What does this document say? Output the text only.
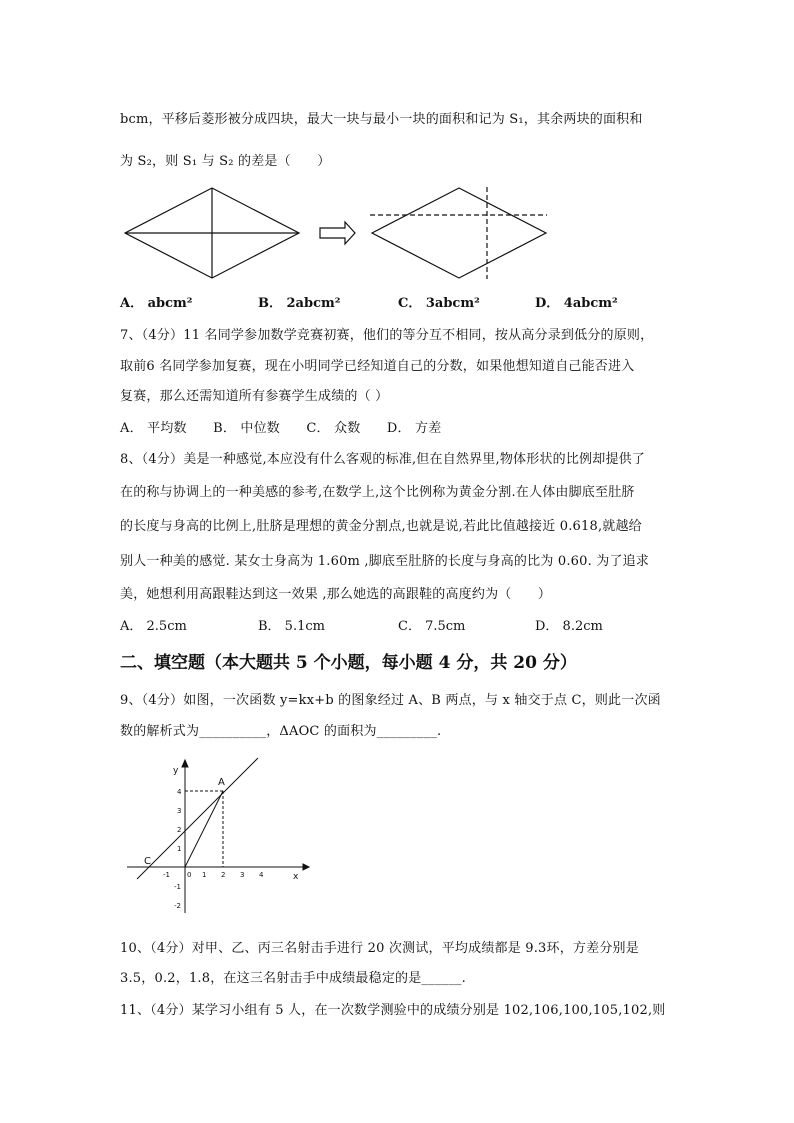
bcm，平移后菱形被分成四块，最大一块与最小一块的面积和记为 S₁，其余两块的面积和
为 S₂，则 S₁ 与 S₂ 的差是（　　）
A． abcm²	B． 2abcm²	C． 3abcm²	D． 4abcm²
7、（4分）11 名同学参加数学竞赛初赛，他们的等分互不相同，按从高分录到低分的原则，
取前6 名同学参加复赛，现在小明同学已经知道自己的分数，如果他想知道自己能否进入
复赛，那么还需知道所有参赛学生成绩的（ ）
A． 平均数　　B． 中位数　　C． 众数　　D． 方差
8、（4分）美是一种感觉,本应没有什么客观的标准,但在自然界里,物体形状的比例却提供了
在的称与协调上的一种美感的参考,在数学上,这个比例称为黄金分割.在人体由脚底至肚脐
的长度与身高的比例上,肚脐是理想的黄金分割点,也就是说,若此比值越接近 0.618,就越给
别人一种美的感觉. 某女士身高为 1.60m ,脚底至肚脐的长度与身高的比为 0.60. 为了追求
美，她想利用高跟鞋达到这一效果 ,那么她选的高跟鞋的高度约为（　　）
A． 2.5cm	B． 5.1cm	C． 7.5cm	D． 8.2cm
二、填空题（本大题共 5 个小题，每小题 4 分，共 20 分）
9、（4分）如图，一次函数 y=kx+b 的图象经过 A、B 两点，与 x 轴交于点 C，则此一次函
数的解析式为__________，ΔAOC 的面积为_________.
x
y
0
A
C
-1	1 2 3 4
4
3
2
1
-1
-2
10、（4分）对甲、乙、丙三名射击手进行 20 次测试，平均成绩都是 9.3环，方差分别是
3.5，0.2，1.8，在这三名射击手中成绩最稳定的是______.
11、（4分）某学习小组有 5 人，在一次数学测验中的成绩分别是 102,106,100,105,102,则
